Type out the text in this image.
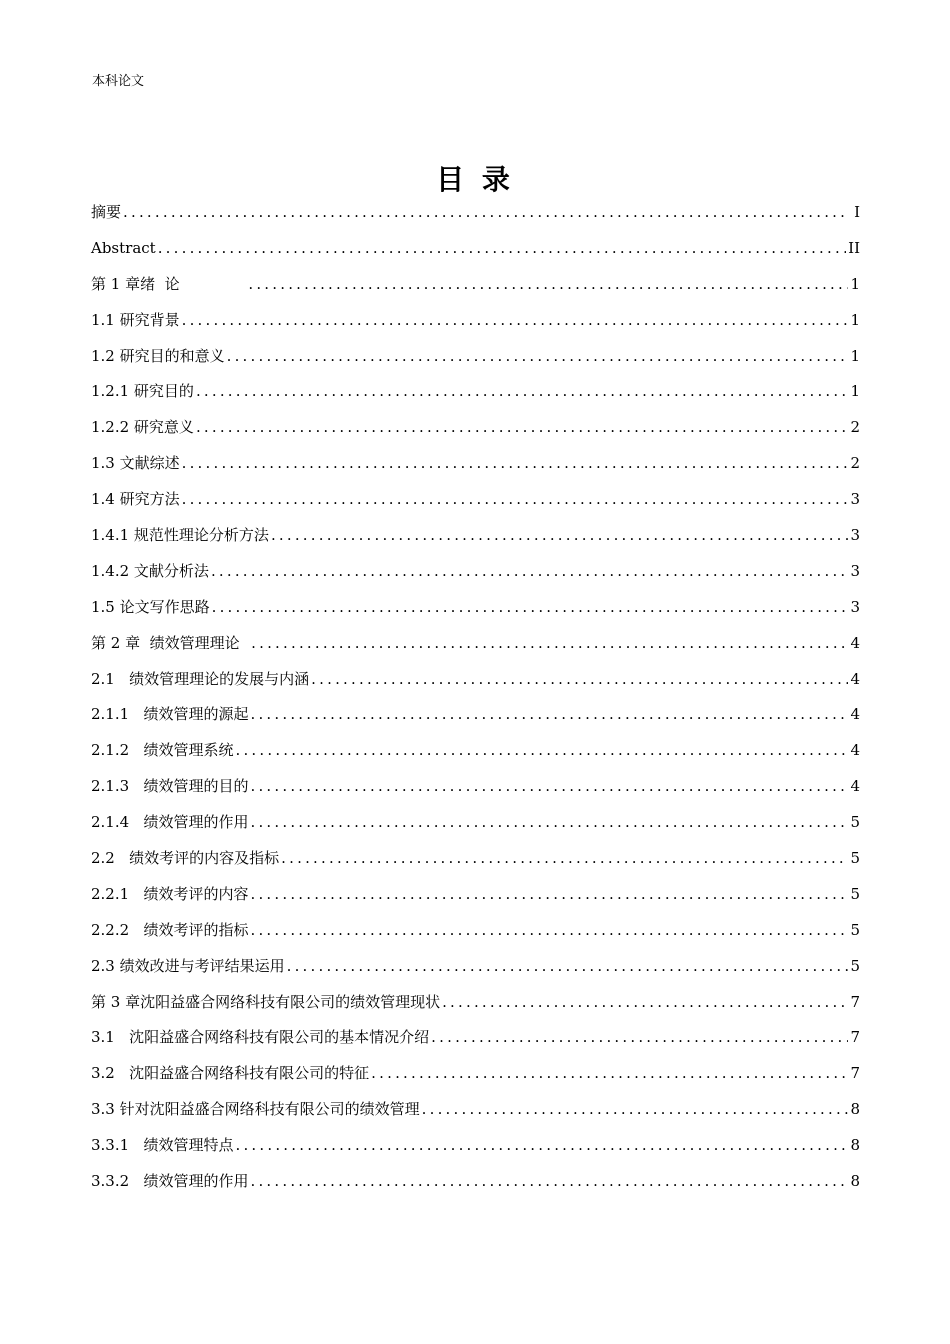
本科论文
目 录
摘要 .....	I
Abstract .....	II
第 1 章绪  论 .....	1
1.1 研究背景 .....	1
1.2 研究目的和意义 .....	1
1.2.1 研究目的 .....	1
1.2.2 研究意义 .....	2
1.3 文献综述 .....	2
1.4 研究方法 .....	3
1.4.1 规范性理论分析方法 .....	3
1.4.2 文献分析法 .....	3
1.5 论文写作思路 .....	3
第 2 章  绩效管理理论 .....	4
2.1   绩效管理理论的发展与内涵 .....	4
2.1.1   绩效管理的源起 .....	4
2.1.2   绩效管理系统 .....	4
2.1.3   绩效管理的目的 .....	4
2.1.4   绩效管理的作用 .....	5
2.2   绩效考评的内容及指标 .....	5
2.2.1   绩效考评的内容 .....	5
2.2.2   绩效考评的指标 .....	5
2.3 绩效改进与考评结果运用 .....	5
第 3 章沈阳益盛合网络科技有限公司的绩效管理现状 .....	7
3.1   沈阳益盛合网络科技有限公司的基本情况介绍 .....	7
3.2   沈阳益盛合网络科技有限公司的特征 .....	7
3.3 针对沈阳益盛合网络科技有限公司的绩效管理 .....	8
3.3.1   绩效管理特点 .....	8
3.3.2   绩效管理的作用 .....	8
